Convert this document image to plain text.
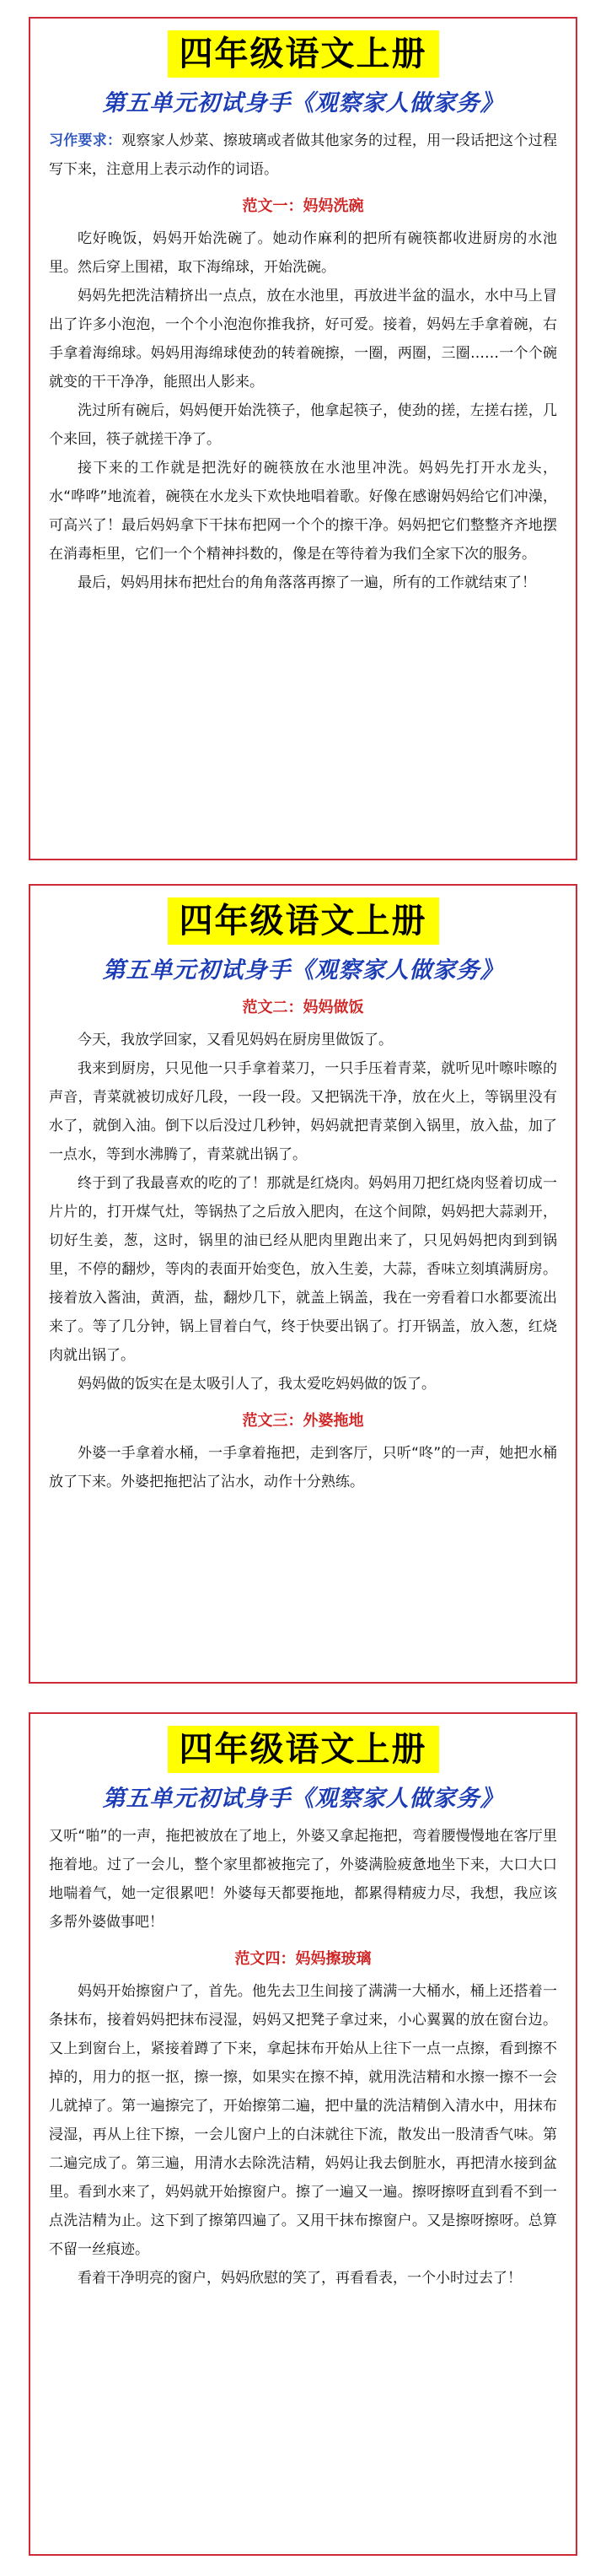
四年级语文上册
第五单元初试身手《观察家人做家务》

习作要求：观察家人炒菜、擦玻璃或者做其他家务的过程，用一段话把这个过程写下来，注意用上表示动作的词语。

范文一：妈妈洗碗

吃好晚饭，妈妈开始洗碗了。她动作麻利的把所有碗筷都收进厨房的水池里。然后穿上围裙，取下海绵球，开始洗碗。

妈妈先把洗洁精挤出一点点，放在水池里，再放进半盆的温水，水中马上冒出了许多小泡泡，一个个小泡泡你推我挤，好可爱。接着，妈妈左手拿着碗，右手拿着海绵球。妈妈用海绵球使劲的转着碗擦，一圈，两圈，三圈……一个个碗就变的干干净净，能照出人影来。

洗过所有碗后，妈妈便开始洗筷子，他拿起筷子，使劲的搓，左搓右搓，几个来回，筷子就搓干净了。

接下来的工作就是把洗好的碗筷放在水池里冲洗。妈妈先打开水龙头，水“哗哗”地流着，碗筷在水龙头下欢快地唱着歌。好像在感谢妈妈给它们冲澡，可高兴了！最后妈妈拿下干抹布把网一个个的擦干净。妈妈把它们整整齐齐地摆在消毒柜里，它们一个个精神抖数的，像是在等待着为我们全家下次的服务。

最后，妈妈用抹布把灶台的角角落落再擦了一遍，所有的工作就结束了！

四年级语文上册
第五单元初试身手《观察家人做家务》
范文二：妈妈做饭

今天，我放学回家，又看见妈妈在厨房里做饭了。

我来到厨房，只见他一只手拿着菜刀，一只手压着青菜，就听见叶嚓咔嚓的声音，青菜就被切成好几段，一段一段。又把锅洗干净，放在火上，等锅里没有水了，就倒入油。倒下以后没过几秒钟，妈妈就把青菜倒入锅里，放入盐，加了一点水，等到水沸腾了，青菜就出锅了。

终于到了我最喜欢的吃的了！那就是红烧肉。妈妈用刀把红烧肉竖着切成一片片的，打开煤气灶，等锅热了之后放入肥肉，在这个间隙，妈妈把大蒜剥开，切好生姜，葱，这时，锅里的油已经从肥肉里跑出来了，只见妈妈把肉到到锅里，不停的翻炒，等肉的表面开始变色，放入生姜，大蒜，香味立刻填满厨房。接着放入酱油，黄酒，盐，翻炒几下，就盖上锅盖，我在一旁看着口水都要流出来了。等了几分钟，锅上冒着白气，终于快要出锅了。打开锅盖，放入葱，红烧肉就出锅了。

妈妈做的饭实在是太吸引人了，我太爱吃妈妈做的饭了。

范文三：外婆拖地

外婆一手拿着水桶，一手拿着拖把，走到客厅，只听“咚”的一声，她把水桶放了下来。外婆把拖把沾了沾水，动作十分熟练。

四年级语文上册
第五单元初试身手《观察家人做家务》

又听“啪”的一声，拖把被放在了地上，外婆又拿起拖把，弯着腰慢慢地在客厅里拖着地。过了一会儿，整个家里都被拖完了，外婆满脸疲惫地坐下来，大口大口地喘着气，她一定很累吧！外婆每天都要拖地，都累得精疲力尽，我想，我应该多帮外婆做事吧！

范文四：妈妈擦玻璃

妈妈开始擦窗户了，首先。他先去卫生间接了满满一大桶水，桶上还搭着一条抹布，接着妈妈把抹布浸湿，妈妈又把凳子拿过来，小心翼翼的放在窗台边。又上到窗台上，紧接着蹲了下来，拿起抹布开始从上往下一点一点擦，看到擦不掉的，用力的抠一抠，擦一擦，如果实在擦不掉，就用洗洁精和水擦一擦不一会儿就掉了。第一遍擦完了，开始擦第二遍，把中量的洗洁精倒入清水中，用抹布浸湿，再从上往下擦，一会儿窗户上的白沫就往下流，散发出一股清香气味。第二遍完成了。第三遍，用清水去除洗洁精，妈妈让我去倒脏水，再把清水接到盆里。看到水来了，妈妈就开始擦窗户。擦了一遍又一遍。擦呀擦呀直到看不到一点洗洁精为止。这下到了擦第四遍了。又用干抹布擦窗户。又是擦呀擦呀。总算不留一丝痕迹。

看着干净明亮的窗户，妈妈欣慰的笑了，再看看表，一个小时过去了！
